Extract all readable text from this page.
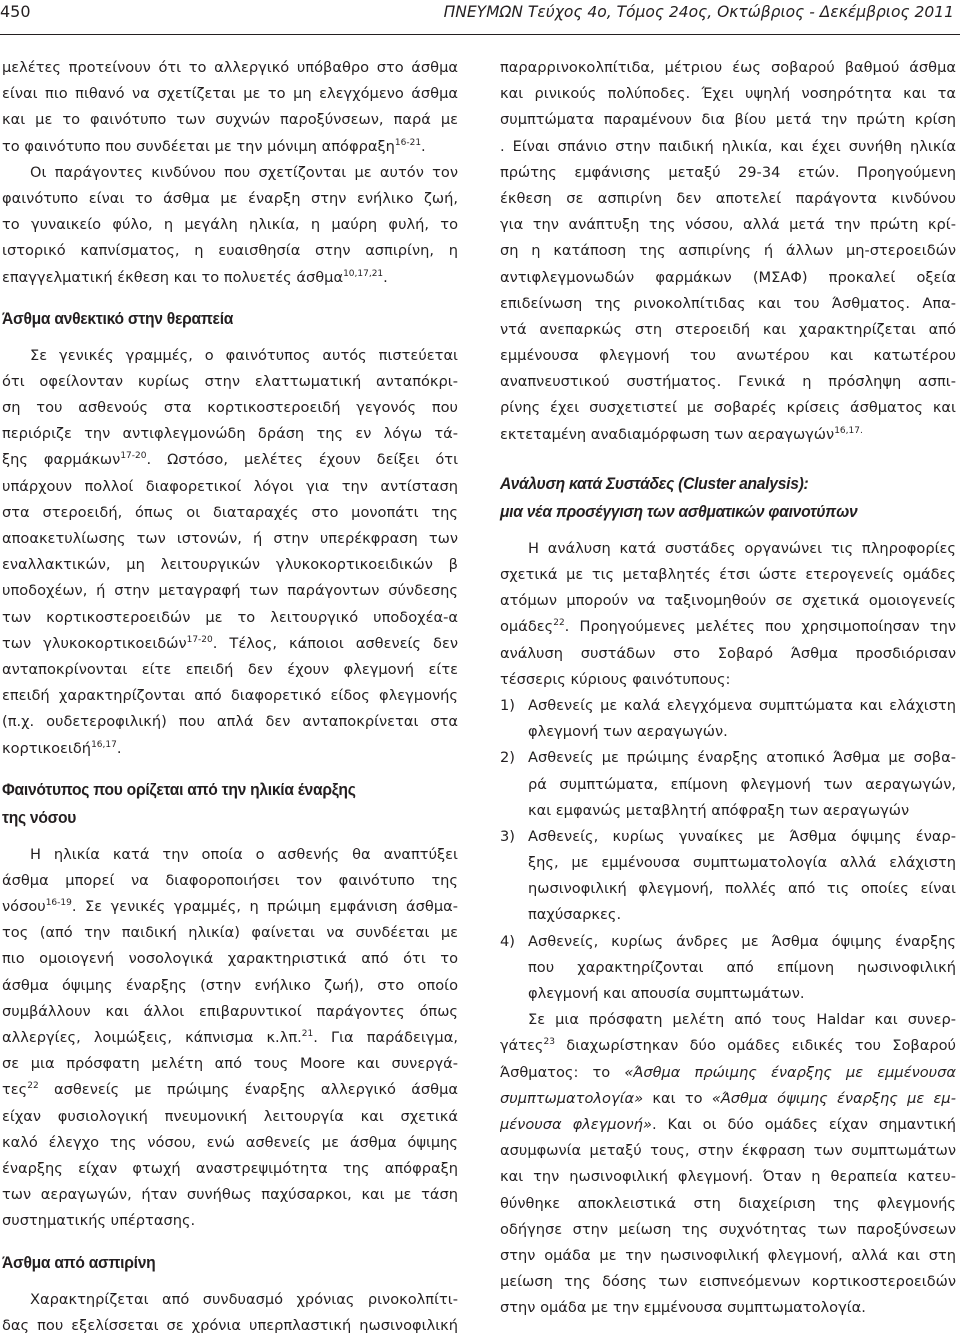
450	ΠΝΕΥΜΩΝ Τεύχος 4ο, Τόμος 24ος, Οκτώβριος - Δεκέμβριος 2011
μελέτες προτείνουν ότι το αλλεργικό υπόβαθρο στο άσθμα
είναι πιο πιθανό να σχετίζεται με το μη ελεγχόμενο άσθμα
και με το φαινότυπο των συχνών παροξύνσεων, παρά με
το φαινότυπο που συνδέεται με την μόνιμη απόφραξη$^{16-21}$.
Οι παράγοντες κινδύνου που σχετίζονται με αυτόν τον
φαινότυπο είναι το άσθμα με έναρξη στην ενήλικο ζωή,
το γυναικείο φύλο, η μεγάλη ηλικία, η μαύρη φυλή, το
ιστορικό καπνίσματος, η ευαισθησία στην ασπιρίνη, η
επαγγελματική έκθεση και το πολυετές άσθμα$^{10,17,21}$.
Άσθμα ανθεκτικό στην θεραπεία
Σε γενικές γραμμές, ο φαινότυπος αυτός πιστεύεται
ότι οφείλονταν κυρίως στην ελαττωματική ανταπόκρι-
ση του ασθενούς στα κορτικοστεροειδή γεγονός που
περιόριζε την αντιφλεγμονώδη δράση της εν λόγω τά-
ξης φαρμάκων$^{17-20}$. Ωστόσο, μελέτες έχουν δείξει ότι
υπάρχουν πολλοί διαφορετικοί λόγοι για την αντίσταση
στα στεροειδή, όπως οι διαταραχές στο μονοπάτι της
αποακετυλίωσης των ιστονών, ή στην υπερέκφραση των
εναλλακτικών, μη λειτουργικών γλυκοκορτικοειδικών β
υποδοχέων, ή στην μεταγραφή των παράγοντων σύνδεσης
των κορτικοστεροειδών με το λειτουργικό υποδοχέα-α
των γλυκοκορτικοειδών$^{17-20}$. Τέλος, κάποιοι ασθενείς δεν
ανταποκρίνονται είτε επειδή δεν έχουν φλεγμονή είτε
επειδή χαρακτηρίζονται από διαφορετικό είδος φλεγμονής
(π.χ. ουδετεροφιλική) που απλά δεν ανταποκρίνεται στα
κορτικοειδή$^{16,17}$.
Φαινότυπος που ορίζεται από την ηλικία έναρξης
της νόσου
Η ηλικία κατά την οποία ο ασθενής θα αναπτύξει
άσθμα μπορεί να διαφοροποιήσει τον φαινότυπο της
νόσου$^{16-19}$. Σε γενικές γραμμές, η πρώιμη εμφάνιση άσθμα-
τος (από την παιδική ηλικία) φαίνεται να συνδέεται με
πιο ομοιογενή νοσολογικά χαρακτηριστικά από ότι το
άσθμα όψιμης έναρξης (στην ενήλικο ζωή), στο οποίο
συμβάλλουν και άλλοι επιβαρυντικοί παράγοντες όπως
αλλεργίες, λοιμώξεις, κάπνισμα κ.λπ.$^{21}$. Για παράδειγμα,
σε μια πρόσφατη μελέτη από τους Moore και συνεργά-
τες$^{22}$ ασθενείς με πρώιμης έναρξης αλλεργικό άσθμα
είχαν φυσιολογική πνευμονική λειτουργία και σχετικά
καλό έλεγχο της νόσου, ενώ ασθενείς με άσθμα όψιμης
έναρξης είχαν φτωχή αναστρεψιμότητα της απόφραξη
των αεραγωγών, ήταν συνήθως παχύσαρκοι, και με τάση
συστηματικής υπέρτασης.
Άσθμα από ασπιρίνη
Χαρακτηρίζεται από συνδυασμό χρόνιας ρινοκολπίτι-
δας που εξελίσσεται σε χρόνια υπερπλαστική ηωσινοφιλική
παραρρινοκολπίτιδα, μέτριου έως σοβαρού βαθμού άσθμα
και ρινικούς πολύποδες. Έχει υψηλή νοσηρότητα και τα
συμπτώματα παραμένουν δια βίου μετά την πρώτη κρίση
. Είναι σπάνιο στην παιδική ηλικία, και έχει συνήθη ηλικία
πρώτης εμφάνισης μεταξύ 29-34 ετών. Προηγούμενη
έκθεση σε ασπιρίνη δεν αποτελεί παράγοντα κινδύνου
για την ανάπτυξη της νόσου, αλλά μετά την πρώτη κρί-
ση η κατάποση της ασπιρίνης ή άλλων μη-στεροειδών
αντιφλεγμονωδών φαρμάκων (ΜΣΑΦ) προκαλεί οξεία
επιδείνωση της ρινοκολπίτιδας και του Άσθματος. Απα-
ντά ανεπαρκώς στη στεροειδή και χαρακτηρίζεται από
εμμένουσα φλεγμονή του ανωτέρου και κατωτέρου
αναπνευστικού συστήματος. Γενικά η πρόσληψη ασπι-
ρίνης έχει συσχετιστεί με σοβαρές κρίσεις άσθματος και
εκτεταμένη αναδιαμόρφωση των αεραγωγών$^{16,17.}$
Ανάλυση κατά Συστάδες (Cluster analysis):
μια νέα προσέγγιση των ασθματικών φαινοτύπων
Η ανάλυση κατά συστάδες οργανώνει τις πληροφορίες
σχετικά με τις μεταβλητές έτσι ώστε ετερογενείς ομάδες
ατόμων μπορούν να ταξινομηθούν σε σχετικά ομοιογενείς
ομάδες$^{22}$. Προηγούμενες μελέτες που χρησιμοποίησαν την
ανάλυση συστάδων στο Σοβαρό Άσθμα προσδιόρισαν
τέσσερις κύριους φαινότυπους:
1) Ασθενείς με καλά ελεγχόμενα συμπτώματα και ελάχιστη
φλεγμονή των αεραγωγών.
2) Ασθενείς με πρώιμης έναρξης ατοπικό Άσθμα με σοβα-
ρά συμπτώματα, επίμονη φλεγμονή των αεραγωγών,
και εμφανώς μεταβλητή απόφραξη των αεραγωγών
3) Ασθενείς, κυρίως γυναίκες με Άσθμα όψιμης έναρ-
ξης, με εμμένουσα συμπτωματολογία αλλά ελάχιστη
ηωσινοφιλική φλεγμονή, πολλές από τις οποίες είναι
παχύσαρκες.
4) Ασθενείς, κυρίως άνδρες με Άσθμα όψιμης έναρξης
που χαρακτηρίζονται από επίμονη ηωσινοφιλική
φλεγμονή και απουσία συμπτωμάτων.
Σε μια πρόσφατη μελέτη από τους Haldar και συνερ-
γάτες$^{23}$ διαχωρίστηκαν δύο ομάδες ειδικές του Σοβαρού
Άσθματος: το «Άσθμα πρώιμης έναρξης με εμμένουσα
συμπτωματολογία» και το «Άσθμα όψιμης έναρξης με εμ-
μένουσα φλεγμονή». Και οι δύο ομάδες είχαν σημαντική
ασυμφωνία μεταξύ τους, στην έκφραση των συμπτωμάτων
και την ηωσινοφιλική φλεγμονή. Όταν η θεραπεία κατευ-
θύνθηκε αποκλειστικά στη διαχείριση της φλεγμονής
οδήγησε στην μείωση της συχνότητας των παροξύνσεων
στην ομάδα με την ηωσινοφιλική φλεγμονή, αλλά και στη
μείωση της δόσης των εισπνεόμενων κορτικοστεροειδών
στην ομάδα με την εμμένουσα συμπτωματολογία.
